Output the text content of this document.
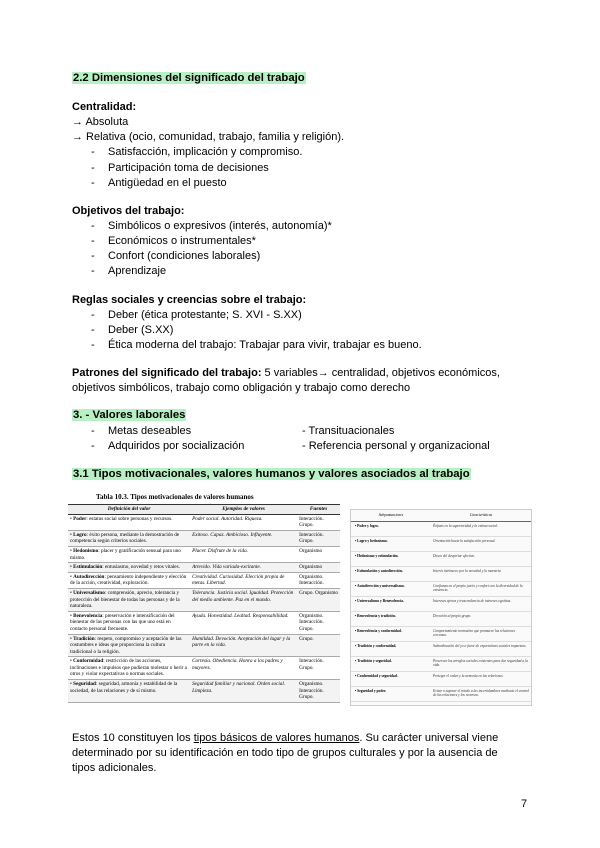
2.2 Dimensiones del significado del trabajo
Centralidad:
→ Absoluta
→ Relativa (ocio, comunidad, trabajo, familia y religión).
- Satisfacción, implicación y compromiso.
- Participación toma de decisiones
- Antigüedad en el puesto
Objetivos del trabajo:
- Simbólicos o expresivos (interés, autonomía)*
- Económicos o instrumentales*
- Confort (condiciones laborales)
- Aprendizaje
Reglas sociales y creencias sobre el trabajo:
- Deber (ética protestante; S. XVI - S.XX)
- Deber (S.XX)
- Ética moderna del trabajo: Trabajar para vivir, trabajar es bueno.
Patrones del significado del trabajo: 5 variables→ centralidad, objetivos económicos,
objetivos simbólicos, trabajo como obligación y trabajo como derecho
3. - Valores laborales
- Metas deseables
- Adquiridos por socialización
- Transituacionales
- Referencia personal y organizacional
3.1 Tipos motivacionales, valores humanos y valores asociados al trabajo
Tabla 10.3. Tipos motivacionales de valores humanos
Definición del valor	Ejemplos de valores	Fuentes
• Poder: estatus social sobre personas y recursos.	Poder social. Autoridad. Riqueza.	Interacción. Grupo.
• Logro: éxito persona, mediante la demostración de competencia según criterios sociales.	Exitoso. Capaz. Ambicioso. Influyente.	Interacción. Grupo.
• Hedonismo: placer y gratificación sensual para uno mismo.	Placer. Disfrute de la vida.	Organismo
• Estimulación: entusiasmo, novedad y retos vitales.	Atrevido. Vida variada-excitante.	Organismo
• Autodirección: pensamiento independiente y elección de la acción, creatividad, exploración.	Creatividad. Curiosidad. Elección propia de metas. Libertad.	Organismo. Interacción.
• Universalismo: comprensión, aprecio, tolerancia y protección del bienestar de todas las personas y de la naturaleza.	Tolerancia. Justicia social. Igualdad. Protección del medio ambiente. Paz en el mundo.	Grupo. Organismo
• Benevolencia: preservación e intensificación del bienestar de las personas con las que uno está en contacto personal frecuente.	Ayuda. Honestidad. Lealtad. Responsabilidad.	Organismo. Interacción. Grupo.
• Tradición: respeto, compromiso y aceptación de las costumbres e ideas que proporciona la cultura tradicional o la religión.	Humildad. Devoción. Aceptación del lugar y la parte en la vida.	Grupo.
• Conformidad: restricción de las acciones, inclinaciones e impulsos que pudieran molestar o herir a otros y violar expectativas o normas sociales.	Cortesía. Obediencia. Honra a los padres y mayores.	Interacción. Grupo.
• Seguridad: seguridad, armonía y estabilidad de la sociedad, de las relaciones y de sí mismo.	Seguridad familiar y nacional. Orden social. Limpieza.	Organismo. Interacción. Grupo.
Subpuntuaciones	Características
• Poder y logro.	Énfasis en la superioridad y la estima social.
• Logro y hedonismo.	Orientación hacia la satisfacción personal.
• Hedonismo y estimulación.	Deseo del despertar afectivo.
• Estimulación y autodirección.	Interés intrínseco por la novedad y la maestría.
• Autodirección y universalismo.	Confianza en el propio juicio y confort con la diversidad de la existencia.
• Universalismo y Benevolencia.	Intereses ajenos y trascendencia de intereses egoístas.
• Benevolencia y tradición.	Devoción al propio grupo.
• Benevolencia y conformidad.	Comportamiento normativo que promueve las relaciones cercanas.
• Tradición y conformidad.	Subordinación del yo a favor de expectativas sociales impuestas.
• Tradición y seguridad.	Preservar los arreglos sociales existentes para dar seguridad a la vida.
• Conformidad y seguridad.	Proteger el orden y la armonía en las relaciones.
• Seguridad y poder.	Evitar o superar el miedo a las incertidumbres mediante el control de las relaciones y los recursos.
Estos 10 constituyen los tipos básicos de valores humanos. Su carácter universal viene
determinado por su identificación en todo tipo de grupos culturales y por la ausencia de
tipos adicionales.
7
